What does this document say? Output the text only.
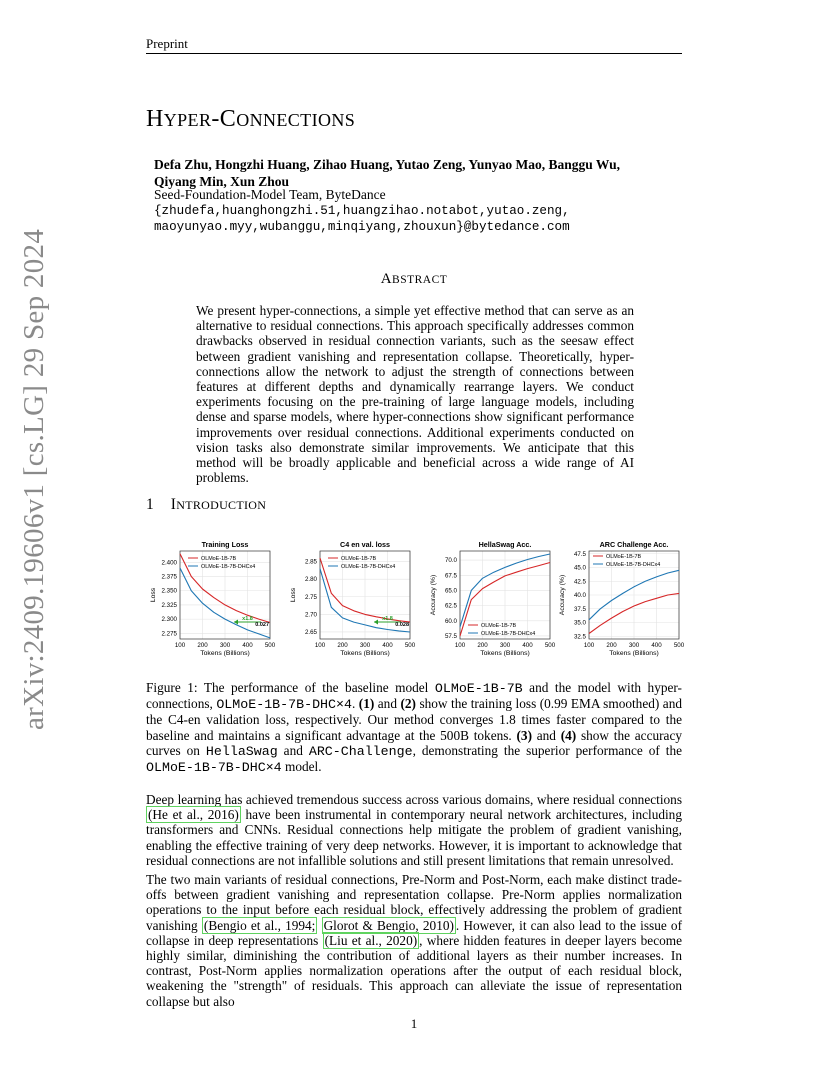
Preprint
arXiv:2409.19606v1 [cs.LG] 29 Sep 2024
HYPER-CONNECTIONS
Defa Zhu, Hongzhi Huang, Zihao Huang, Yutao Zeng, Yunyao Mao, Banggu Wu,
Qiyang Min, Xun Zhou
Seed-Foundation-Model Team, ByteDance
{zhudefa,huanghongzhi.51,huangzihao.notabot,yutao.zeng,
maoyunyao.myy,wubanggu,minqiyang,zhouxun}@bytedance.com
ABSTRACT
We present hyper-connections, a simple yet effective method that can serve as an alternative to residual connections. This approach specifically addresses common drawbacks observed in residual connection variants, such as the seesaw effect between gradient vanishing and representation collapse. Theoretically, hyper-connections allow the network to adjust the strength of connections between features at different depths and dynamically rearrange layers. We conduct experiments focusing on the pre-training of large language models, including dense and sparse models, where hyper-connections show significant performance improvements over residual connections. Additional experiments conducted on vision tasks also demonstrate similar improvements. We anticipate that this method will be broadly applicable and beneficial across a wide range of AI problems.
1 INTRODUCTION
2.275
2.300
2.325
2.350
2.375
2.400
100 200 300 400 500
Training Loss
Tokens (Billions)
Loss
OLMoE-1B-7B
OLMoE-1B-7B-DHCx4
x1.8
0.027
2.65
2.70
2.75
2.80
2.85
100 200 300 400 500
C4 en val. loss
Tokens (Billions)
Loss
OLMoE-1B-7B
OLMoE-1B-7B-DHCx4
x1.8
0.028
57.5
60.0
62.5
65.0
67.5
70.0
100 200 300 400 500
HellaSwag Acc.
Tokens (Billions)
Accuracy (%)
OLMoE-1B-7B
OLMoE-1B-7B-DHCx4	32.5
35.0
37.5
40.0
42.5
45.0
47.5
100 200 300 400 500
ARC Challenge Acc.
Tokens (Billions)
Accuracy (%)
OLMoE-1B-7B
OLMoE-1B-7B-DHCx4
Figure 1: The performance of the baseline model OLMoE-1B-7B and the model with hyper-connections, OLMoE-1B-7B-DHC×4. (1) and (2) show the training loss (0.99 EMA smoothed) and the C4-en validation loss, respectively. Our method converges 1.8 times faster compared to the baseline and maintains a significant advantage at the 500B tokens. (3) and (4) show the accuracy curves on HellaSwag and ARC-Challenge, demonstrating the superior performance of the OLMoE-1B-7B-DHC×4 model.
Deep learning has achieved tremendous success across various domains, where residual connections (He et al., 2016) have been instrumental in contemporary neural network architectures, including transformers and CNNs. Residual connections help mitigate the problem of gradient vanishing, enabling the effective training of very deep networks. However, it is important to acknowledge that residual connections are not infallible solutions and still present limitations that remain unresolved.
The two main variants of residual connections, Pre-Norm and Post-Norm, each make distinct trade-offs between gradient vanishing and representation collapse. Pre-Norm applies normalization operations to the input before each residual block, effectively addressing the problem of gradient vanishing (Bengio et al., 1994; Glorot & Bengio, 2010) . However, it can also lead to the issue of collapse in deep representations (Liu et al., 2020) , where hidden features in deeper layers become highly similar, diminishing the contribution of additional layers as their number increases. In contrast, Post-Norm applies normalization operations after the output of each residual block, weakening the "strength" of residuals. This approach can alleviate the issue of representation collapse but also
1
